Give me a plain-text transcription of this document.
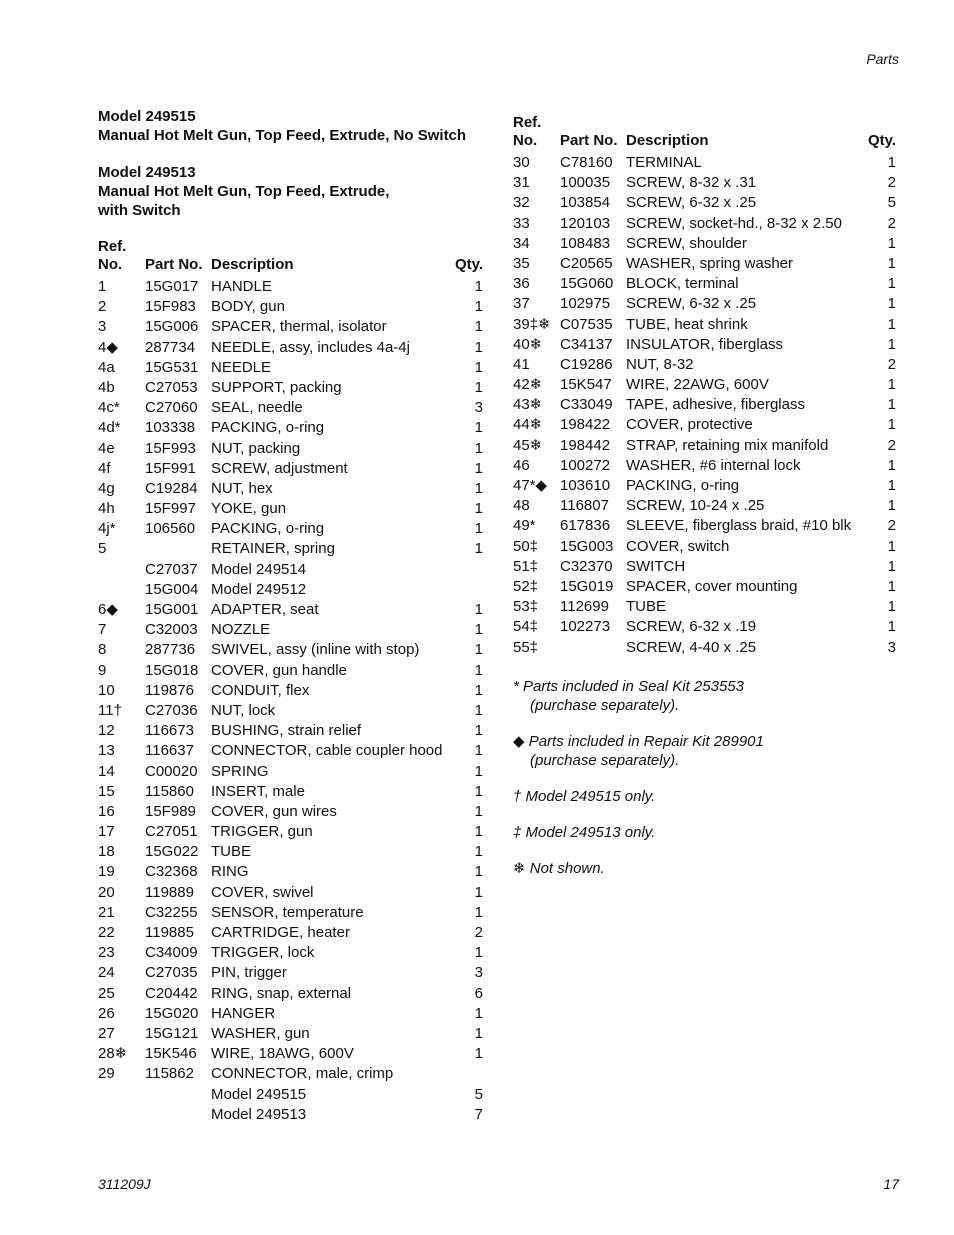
Parts
Model 249515
Manual Hot Melt Gun, Top Feed, Extrude, No Switch
Model 249513
Manual Hot Melt Gun, Top Feed, Extrude,
with Switch
Ref.
No.	Part No.	Description	Qty.
1	15G017	HANDLE	1
2	15F983	BODY, gun	1
3	15G006	SPACER, thermal, isolator	1
4◆	287734	NEEDLE, assy, includes 4a-4j	1
4a	15G531	NEEDLE	1
4b	C27053	SUPPORT, packing	1
4c*	C27060	SEAL, needle	3
4d*	103338	PACKING, o-ring	1
4e	15F993	NUT, packing	1
4f	15F991	SCREW, adjustment	1
4g	C19284	NUT, hex	1
4h	15F997	YOKE, gun	1
4j*	106560	PACKING, o-ring	1
5		RETAINER, spring	1
	C27037	Model 249514	
	15G004	Model 249512	
6◆	15G001	ADAPTER, seat	1
7	C32003	NOZZLE	1
8	287736	SWIVEL, assy (inline with stop)	1
9	15G018	COVER, gun handle	1
10	119876	CONDUIT, flex	1
11†	C27036	NUT, lock	1
12	116673	BUSHING, strain relief	1
13	116637	CONNECTOR, cable coupler hood	1
14	C00020	SPRING	1
15	115860	INSERT, male	1
16	15F989	COVER, gun wires	1
17	C27051	TRIGGER, gun	1
18	15G022	TUBE	1
19	C32368	RING	1
20	119889	COVER, swivel	1
21	C32255	SENSOR, temperature	1
22	119885	CARTRIDGE, heater	2
23	C34009	TRIGGER, lock	1
24	C27035	PIN, trigger	3
25	C20442	RING, snap, external	6
26	15G020	HANGER	1
27	15G121	WASHER, gun	1
28❄	15K546	WIRE, 18AWG, 600V	1
29	115862	CONNECTOR, male, crimp	
		Model 249515	5
		Model 249513	7
Ref.
No.	Part No.	Description	Qty.
30	C78160	TERMINAL	1
31	100035	SCREW, 8-32 x .31	2
32	103854	SCREW, 6-32 x .25	5
33	120103	SCREW, socket-hd., 8-32 x 2.50	2
34	108483	SCREW, shoulder	1
35	C20565	WASHER, spring washer	1
36	15G060	BLOCK, terminal	1
37	102975	SCREW, 6-32 x .25	1
39‡❄	C07535	TUBE, heat shrink	1
40❄	C34137	INSULATOR, fiberglass	1
41	C19286	NUT, 8-32	2
42❄	15K547	WIRE, 22AWG, 600V	1
43❄	C33049	TAPE, adhesive, fiberglass	1
44❄	198422	COVER, protective	1
45❄	198442	STRAP, retaining mix manifold	2
46	100272	WASHER, #6 internal lock	1
47*◆	103610	PACKING, o-ring	1
48	116807	SCREW, 10-24 x .25	1
49*	617836	SLEEVE, fiberglass braid, #10 blk	2
50‡	15G003	COVER, switch	1
51‡	C32370	SWITCH	1
52‡	15G019	SPACER, cover mounting	1
53‡	112699	TUBE	1
54‡	102273	SCREW, 6-32 x .19	1
55‡		SCREW, 4-40 x .25	3
* Parts included in Seal Kit 253553
(purchase separately).
◆ Parts included in Repair Kit 289901
(purchase separately).
† Model 249515 only.
‡ Model 249513 only.
❄ Not shown.
311209J	17
